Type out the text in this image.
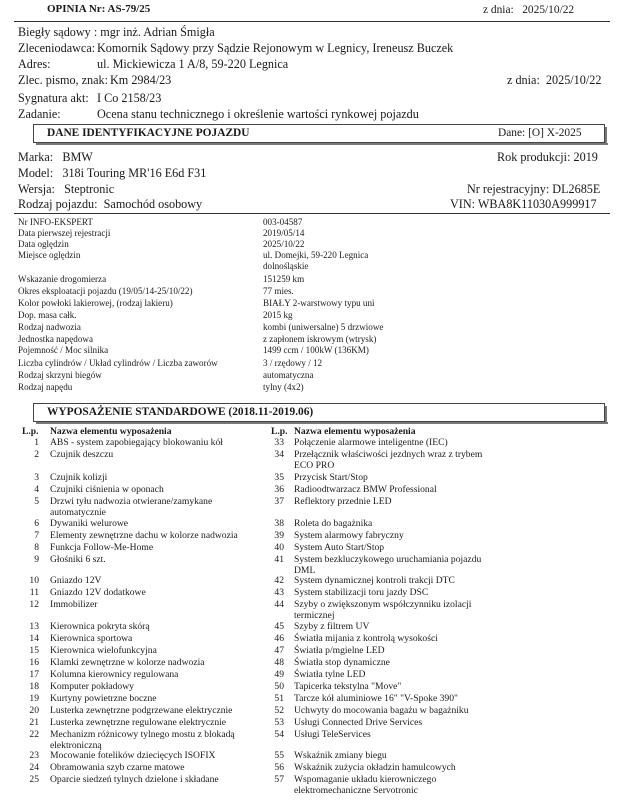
OPINIA Nr: AS-79/25	z dnia: 2025/10/22
Biegły sądowy : mgr inż. Adrian Śmigła
Zleceniodawca: Komornik Sądowy przy Sądzie Rejonowym w Legnicy, Ireneusz Buczek
Adres:	ul. Mickiewicza 1 A/8, 59-220 Legnica
Zlec. pismo, znak: Km 2984/23	z dnia: 2025/10/22
Sygnatura akt: I Co 2158/23
Zadanie:	Ocena stanu technicznego i określenie wartości rynkowej pojazdu
DANE IDENTYFIKACYJNE POJAZDU	Dane: [O] X-2025
Marka: BMW	Rok produkcji: 2019
Model: 318i Touring MR'16 E6d F31
Wersja: Steptronic	Nr rejestracyjny: DL2685E
Rodzaj pojazdu: Samochód osobowy	VIN: WBA8K11030A999917
Nr INFO-EKSPERT	003-04587
Data pierwszej rejestracji	2019/05/14
Data oględzin	2025/10/22
Miejsce oględzin	ul. Domejki, 59-220 Legnica
dolnośląskie
Wskazanie drogomierza	151259 km
Okres eksploatacji pojazdu (19/05/14-25/10/22)	77 mies.
Kolor powłoki lakierowej, (rodzaj lakieru)	BIAŁY 2-warstwowy typu uni
Dop. masa całk.	2015 kg
Rodzaj nadwozia	kombi (uniwersalne) 5 drzwiowe
Jednostka napędowa	z zapłonem iskrowym (wtrysk)
Pojemność / Moc silnika	1499 ccm / 100kW (136KM)
Liczba cylindrów / Układ cylindrów / Liczba zaworów	3 / rzędowy / 12
Rodzaj skrzyni biegów	automatyczna
Rodzaj napędu	tylny (4x2)
WYPOSAŻENIE STANDARDOWE (2018.11-2019.06)
L.p. Nazwa elementu wyposażenia	L.p. Nazwa elementu wyposażenia
1 ABS - system zapobiegający blokowaniu kół
2 Czujnik deszczu
3 Czujnik kolizji
4 Czujniki ciśnienia w oponach
5 Drzwi tyłu nadwozia otwierane/zamykane
automatycznie
6 Dywaniki welurowe
7 Elementy zewnętrzne dachu w kolorze nadwozia
8 Funkcja Follow-Me-Home
9 Głośniki 6 szt.
10 Gniazdo 12V
11 Gniazdo 12V dodatkowe
12 Immobilizer
13 Kierownica pokryta skórą
14 Kierownica sportowa
15 Kierownica wielofunkcyjna
16 Klamki zewnętrzne w kolorze nadwozia
17 Kolumna kierownicy regulowana
18 Komputer pokładowy
19 Kurtyny powietrzne boczne
20 Lusterka zewnętrzne podgrzewane elektrycznie
21 Lusterka zewnętrzne regulowane elektrycznie
22 Mechanizm różnicowy tylnego mostu z blokadą
elektroniczną
23 Mocowanie fotelików dziecięcych ISOFIX
24 Obramowania szyb czarne matowe
25 Oparcie siedzeń tylnych dzielone i składane
33 Połączenie alarmowe inteligentne (IEC)
34 Przełącznik właściwości jezdnych wraz z trybem
ECO PRO
35 Przycisk Start/Stop
36 Radioodtwarzacz BMW Professional
37 Reflektory przednie LED
38 Roleta do bagażnika
39 System alarmowy fabryczny
40 System Auto Start/Stop
41 System bezkluczykowego uruchamiania pojazdu
DML
42 System dynamicznej kontroli trakcji DTC
43 System stabilizacji toru jazdy DSC
44 Szyby o zwiększonym współczynniku izolacji
termicznej
45 Szyby z filtrem UV
46 Światła mijania z kontrolą wysokości
47 Światła p/mgielne LED
48 Światła stop dynamiczne
49 Światła tylne LED
50 Tapicerka tekstylna "Move"
51 Tarcze kół aluminiowe 16" "V-Spoke 390"
52 Uchwyty do mocowania bagażu w bagażniku
53 Usługi Connected Drive Services
54 Usługi TeleServices
55 Wskaźnik zmiany biegu
56 Wskaźnik zużycia okładzin hamulcowych
57 Wspomaganie układu kierowniczego
elektromechaniczne Servotronic
